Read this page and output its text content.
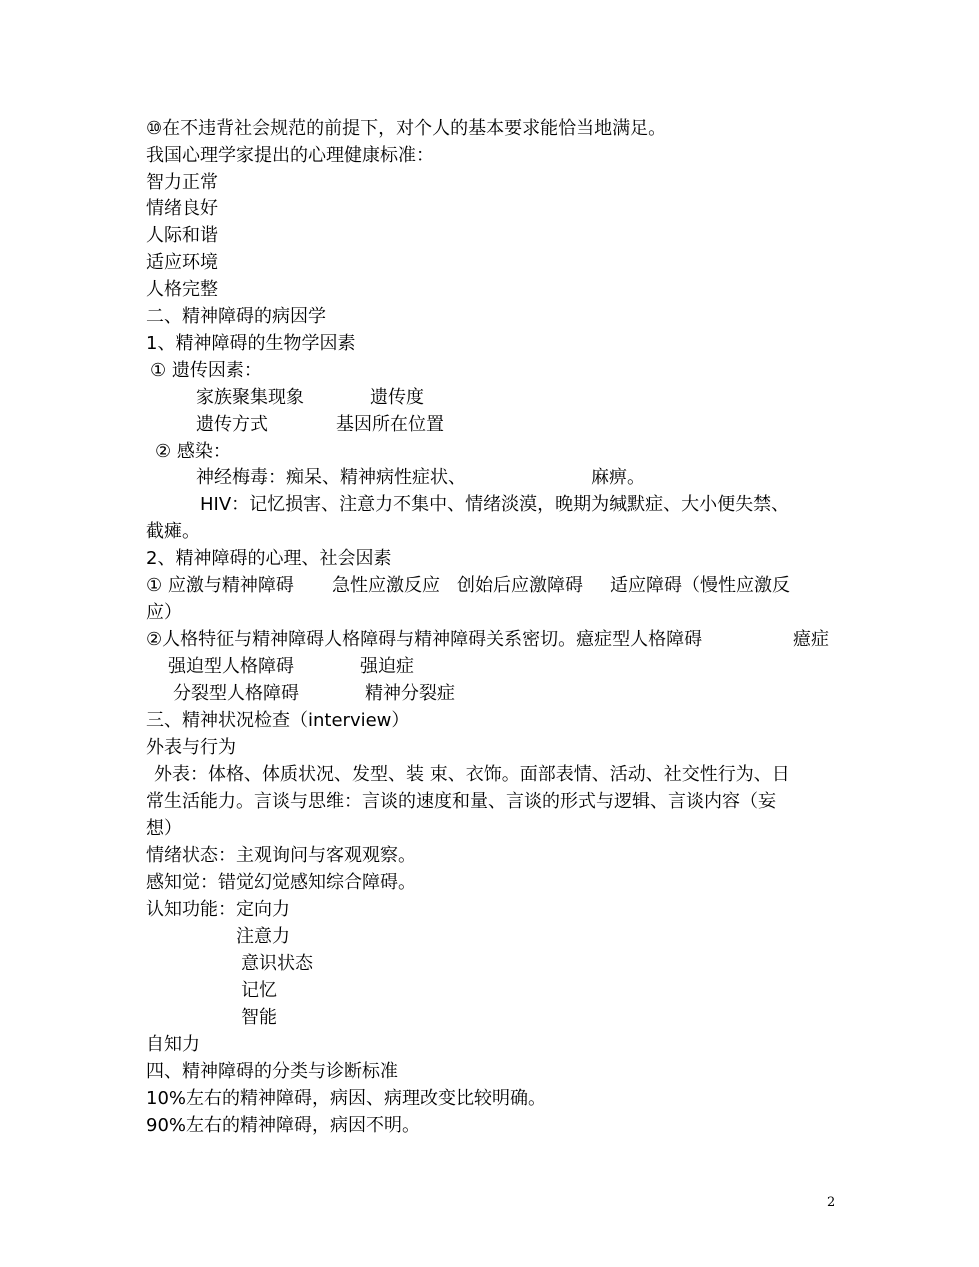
⑩在不违背社会规范的前提下，对个人的基本要求能恰当地满足。
我国心理学家提出的心理健康标准：
智力正常
情绪良好
人际和谐
适应环境
人格完整
二、精神障碍的病因学
1、精神障碍的生物学因素
① 遗传因素：
家族聚集现象	遗传度
遗传方式	基因所在位置
② 感染：
神经梅毒：痴呆、精神病性症状、	麻痹。
HIV：记忆损害、注意力不集中、情绪淡漠，晚期为缄默症、大小便失禁、
截瘫。
2、精神障碍的心理、社会因素
① 应激与精神障碍 急性应激反应 创始后应激障碍 适应障碍（慢性应激反
应）
②人格特征与精神障碍人格障碍与精神障碍关系密切。癔症型人格障碍	癔症
强迫型人格障碍	强迫症
分裂型人格障碍	精神分裂症
三、精神状况检查（interview）
外表与行为
外表：体格、体质状况、发型、装 束、衣饰。面部表情、活动、社交性行为、日
常生活能力。言谈与思维：言谈的速度和量、言谈的形式与逻辑、言谈内容（妄
想）
情绪状态：主观询问与客观观察。
感知觉：错觉幻觉感知综合障碍。
认知功能：定向力
注意力
意识状态
记忆
智能
自知力
四、精神障碍的分类与诊断标准
10%左右的精神障碍，病因、病理改变比较明确。
90%左右的精神障碍，病因不明。
2
